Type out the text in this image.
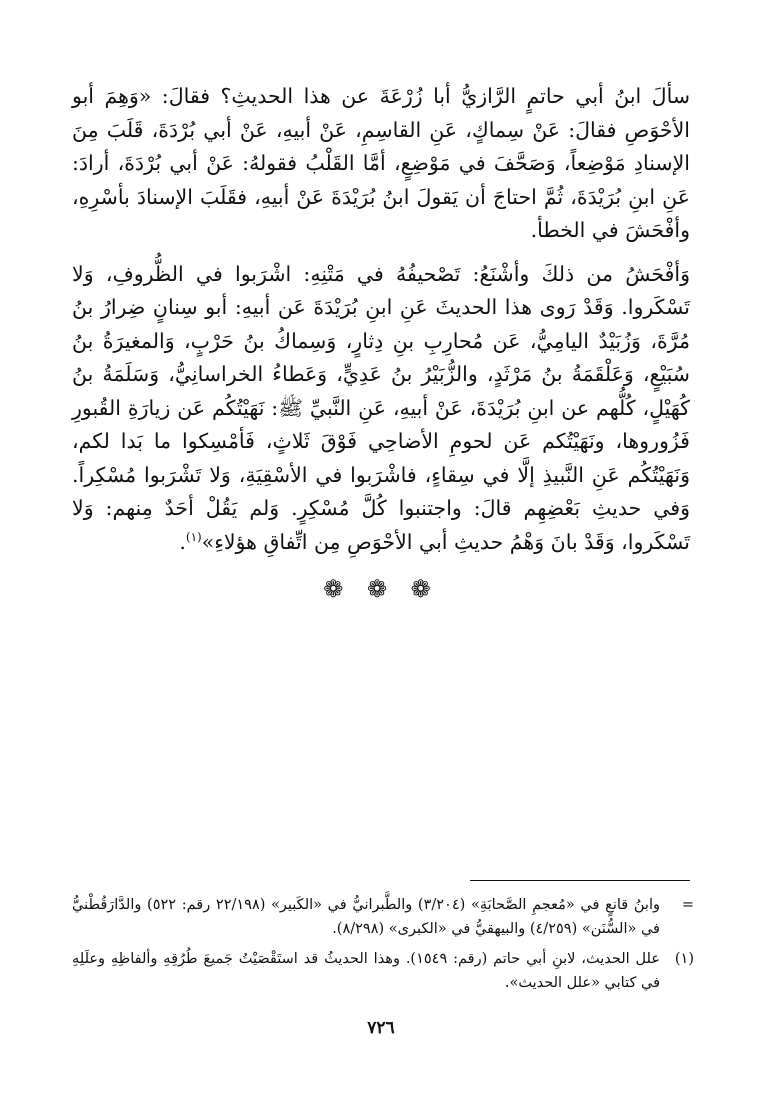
سألَ ابنُ أبي حاتمٍ الرَّازيُّ أبا زُرْعَةَ عن هذا الحديثِ؟ فقالَ: «وَهِمَ أبو الأحْوَصِ فقالَ: عَنْ سِماكٍ، عَنِ القاسِمِ، عَنْ أبيهِ، عَنْ أبي بُرْدَةَ، قَلَبَ مِنَ الإسنادِ مَوْضِعاً، وَصَحَّفَ في مَوْضِعٍ، أمَّا القَلْبُ فقولهُ: عَنْ أبي بُرْدَةَ، أرادَ: عَنِ ابنِ بُرَيْدَةَ، ثُمَّ احتاجَ أن يَقولَ ابنُ بُرَيْدَةَ عَنْ أبيهِ، فقَلَبَ الإسنادَ بأسْرِهِ، وأفْحَشَ في الخطأ.

وَأفْحَشُ من ذلكَ وأشْنَعُ: تَصْحيفُهُ في مَتْنِهِ: اشْرَبوا في الظُّروفِ، وَلا تَسْكَروا. وَقَدْ رَوى هذا الحديثَ عَنِ ابنِ بُرَيْدَةَ عَن أبيهِ: أبو سِنانٍ ضِرارُ بنُ مُرَّةَ، وَزُبَيْدٌ اليامِيُّ، عَن مُحارِبِ بنِ دِثارٍ، وَسِماكُ بنُ حَرْبٍ، وَالمغيرَةُ بنُ سُبَيْعٍ، وَعَلْقَمَةُ بنُ مَرْثَدٍ، والزُّبَيْرُ بنُ عَدِيٍّ، وَعَطاءُ الخراسانِيُّ، وَسَلَمَةُ بنُ كُهَيْلٍ، كُلُّهم عن ابنِ بُرَيْدَةَ، عَنْ أبيهِ، عَنِ النَّبيِّ ﷺ: نَهَيْتُكُم عَن زيارَةِ القُبورِ فَزُوروها، ونَهَيْتُكم عَن لحومِ الأضاحِي فَوْقَ ثَلاثٍ، فَأمْسِكوا ما بَدا لكم، وَنَهَيْتُكُم عَنِ النَّبيذِ إلَّا في سِقاءٍ، فاشْرَبوا في الأسْقِيَةِ، وَلا تَشْرَبوا مُسْكِراً. وَفي حديثِ بَعْضِهِم قالَ: واجتنبوا كُلَّ مُسْكِرٍ. وَلم يَقُلْ أحَدٌ مِنهم: وَلا تَسْكَروا، وَقَدْ بانَ وَهْمُ حديثِ أبي الأحْوَصِ مِن اتِّفاقِ هؤلاءِ»$^{(١)}$.

❁ ❁ ❁

=
وابنُ قانعٍ في «مُعجمِ الصَّحابَةِ» (٣/٢٠٤) والطَّبرانيُّ في «الكَبير» (٢٢/١٩٨ رقم: ٥٢٢) والدَّارَقُطْنيُّ في «السُّنَن» (٤/٢٥٩) والبيهقيُّ في «الكبرى» (٨/٢٩٨).

(١)
علل الحديث، لابنِ أبي حاتم (رقم: ١٥٤٩). وهذا الحديثُ قد استَقْصَيْتُ جَميعَ طُرُقِهِ وألفاظِهِ وعلَلِهِ في كتابي «علل الحديث».

٧٢٦
